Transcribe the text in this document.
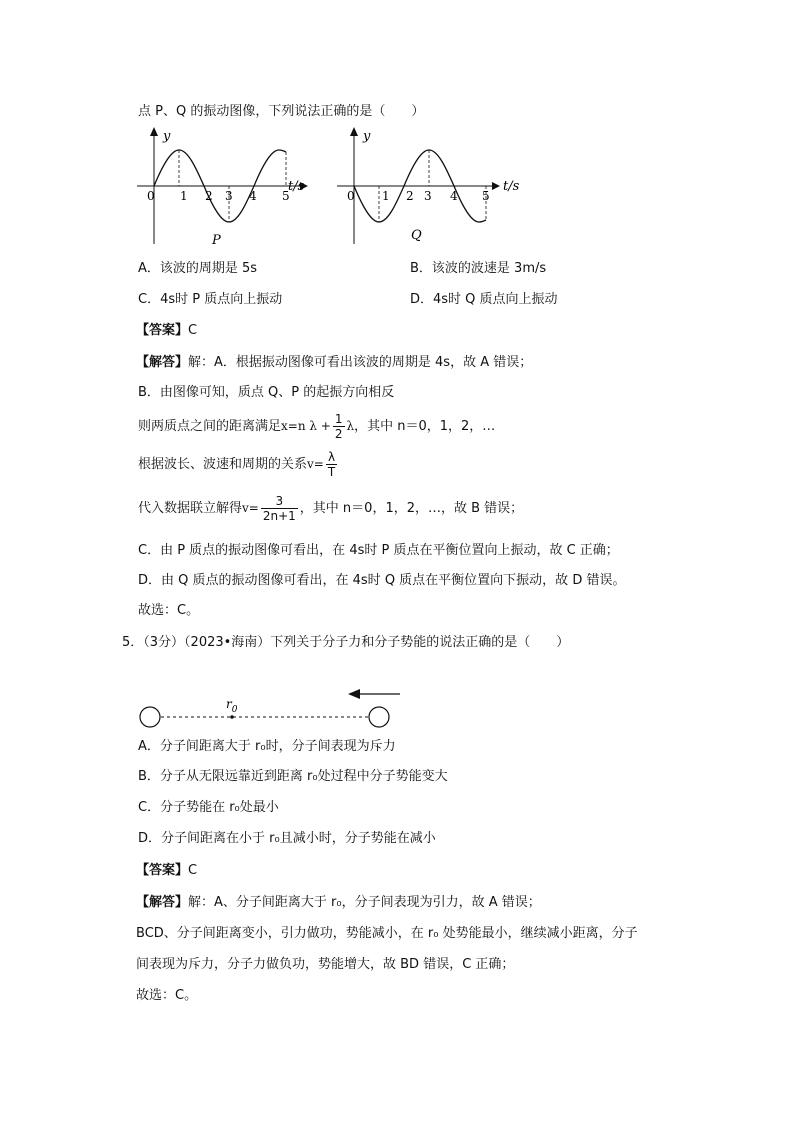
点 P、Q 的振动图像，下列说法正确的是（　　）
y
t/s
0 1 2 3 4 5
P
y
t/s
0 1 2 3 4 5
Q
A．该波的周期是 5s	B．该波的波速是 3m/s
C．4s时 P 质点向上振动	D．4s时 Q 质点向上振动
【答案】C
【解答】解：A．根据振动图像可看出该波的周期是 4s，故 A 错误；
B．由图像可知，质点 Q、P 的起振方向相反
则两质点之间的距离满足x=n $\lambda + \frac{1}{2}$ λ，其中 n＝0，1，2，…
根据波长、波速和周期的关系$v= \frac{\lambda}{T}$
代入数据联立解得$v= \frac{3}{2n+1}$ ，其中 n＝0，1，2，…，故 B 错误；
C．由 P 质点的振动图像可看出，在 4s时 P 质点在平衡位置向上振动，故 C 正确；
D．由 Q 质点的振动图像可看出，在 4s时 Q 质点在平衡位置向下振动，故 D 错误。
故选：C。
5．（3分）（2023•海南）下列关于分子力和分子势能的说法正确的是（　　）
$r_0$
A．分子间距离大于 r₀时，分子间表现为斥力
B．分子从无限远靠近到距离 r₀处过程中分子势能变大
C．分子势能在 r₀处最小
D．分子间距离在小于 r₀且减小时，分子势能在减小
【答案】C
【解答】解：A、分子间距离大于 r₀，分子间表现为引力，故 A 错误；
BCD、分子间距离变小，引力做功，势能减小，在 r₀ 处势能最小，继续减小距离，分子
间表现为斥力，分子力做负功，势能增大，故 BD 错误，C 正确；
故选：C。
